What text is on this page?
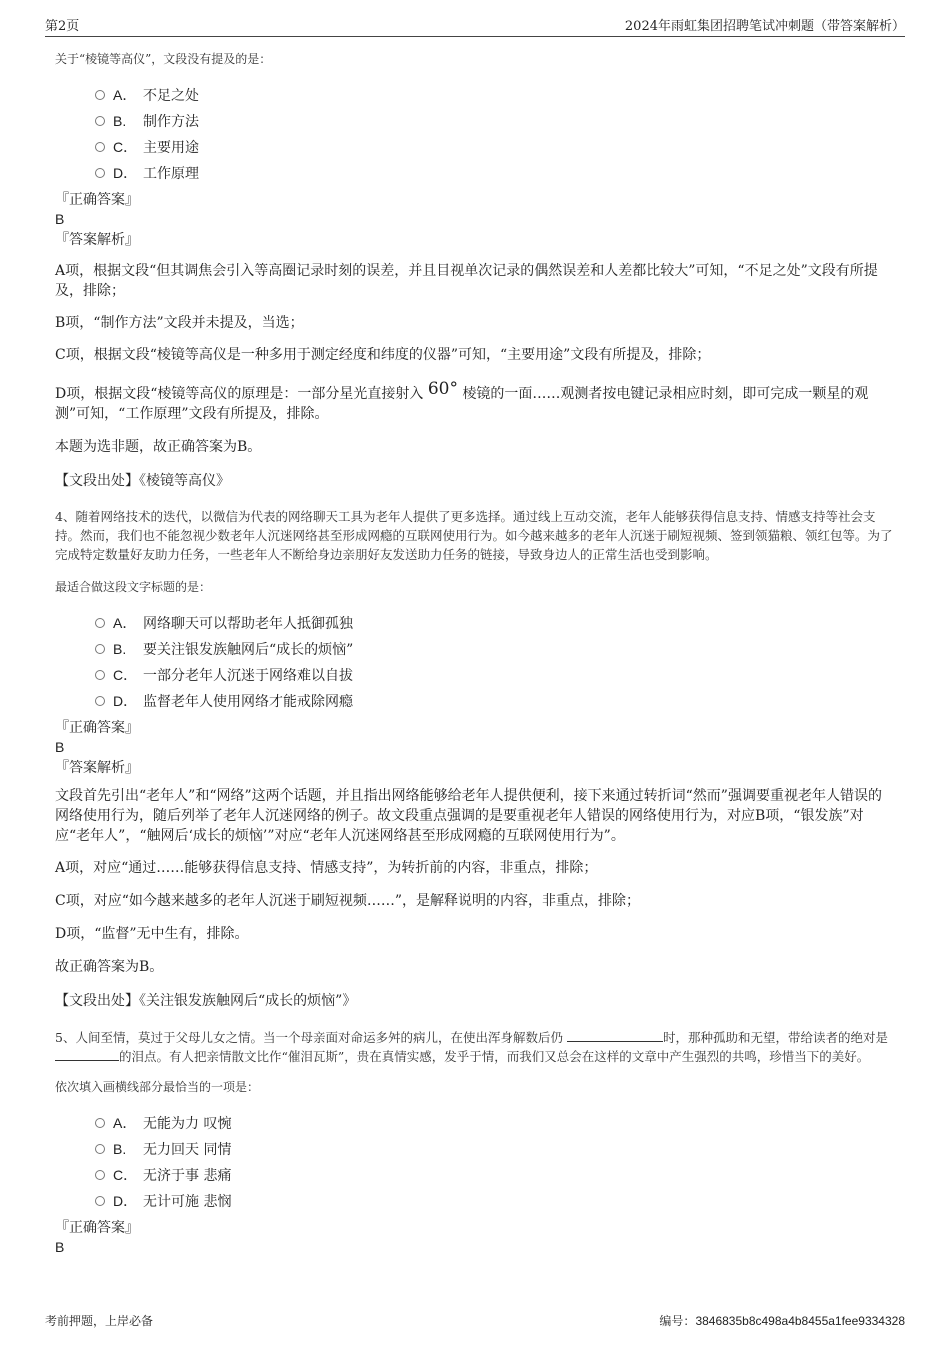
第2页	2024年雨虹集团招聘笔试冲刺题（带答案解析）

关于“棱镜等高仪”，文段没有提及的是：

A． 不足之处
B.	制作方法
C． 主要用途
D． 工作原理
『正确答案』
B
『答案解析』

A项，根据文段“但其调焦会引入等高圈记录时刻的误差，并且目视单次记录的偶然误差和人差都比较大”可知，“不足之处”文段有所提及，排除；

B项，“制作方法”文段并未提及，当选；

C项，根据文段“棱镜等高仪是一种多用于测定经度和纬度的仪器”可知，“主要用途”文段有所提及，排除；

D项，根据文段“棱镜等高仪的原理是：一部分星光直接射入 60° 棱镜的一面……观测者按电键记录相应时刻，即可完成一颗星的观测”可知，“工作原理”文段有所提及，排除。

本题为选非题，故正确答案为B。

【文段出处】《棱镜等高仪》

4、随着网络技术的迭代，以微信为代表的网络聊天工具为老年人提供了更多选择。通过线上互动交流，老年人能够获得信息支持、情感支持等社会支持。然而，我们也不能忽视少数老年人沉迷网络甚至形成网瘾的互联网使用行为。如今越来越多的老年人沉迷于刷短视频、签到领猫粮、领红包等。为了完成特定数量好友助力任务，一些老年人不断给身边亲朋好友发送助力任务的链接，导致身边人的正常生活也受到影响。

最适合做这段文字标题的是：

A． 网络聊天可以帮助老年人抵御孤独
B.	要关注银发族触网后“成长的烦恼”
C． 一部分老年人沉迷于网络难以自拔
D． 监督老年人使用网络才能戒除网瘾
『正确答案』
B
『答案解析』

文段首先引出“老年人”和“网络”这两个话题，并且指出网络能够给老年人提供便利，接下来通过转折词“然而”强调要重视老年人错误的网络使用行为，随后列举了老年人沉迷网络的例子。故文段重点强调的是要重视老年人错误的网络使用行为，对应B项，“银发族”对应“老年人”，“触网后‘成长的烦恼’”对应“老年人沉迷网络甚至形成网瘾的互联网使用行为”。

A项，对应“通过……能够获得信息支持、情感支持”，为转折前的内容，非重点，排除；

C项，对应“如今越来越多的老年人沉迷于刷短视频……”，是解释说明的内容，非重点，排除；

D项，“监督”无中生有，排除。

故正确答案为B。

【文段出处】《关注银发族触网后“成长的烦恼”》

5、人间至情，莫过于父母儿女之情。当一个母亲面对命运多舛的病儿，在使出浑身解数后仍	时，那种孤助和无望，带给读者的绝对是 的泪点。有人把亲情散文比作“催泪瓦斯”，贵在真情实感，发乎于情，而我们又总会在这样的文章中产生强烈的共鸣，珍惜当下的美好。

依次填入画横线部分最恰当的一项是：

A． 无能为力 叹惋
B.	无力回天 同情
C． 无济于事 悲痛
D． 无计可施 悲悯
『正确答案』
B
考前押题，上岸必备	编号：3846835b8c498a4b8455a1fee9334328
